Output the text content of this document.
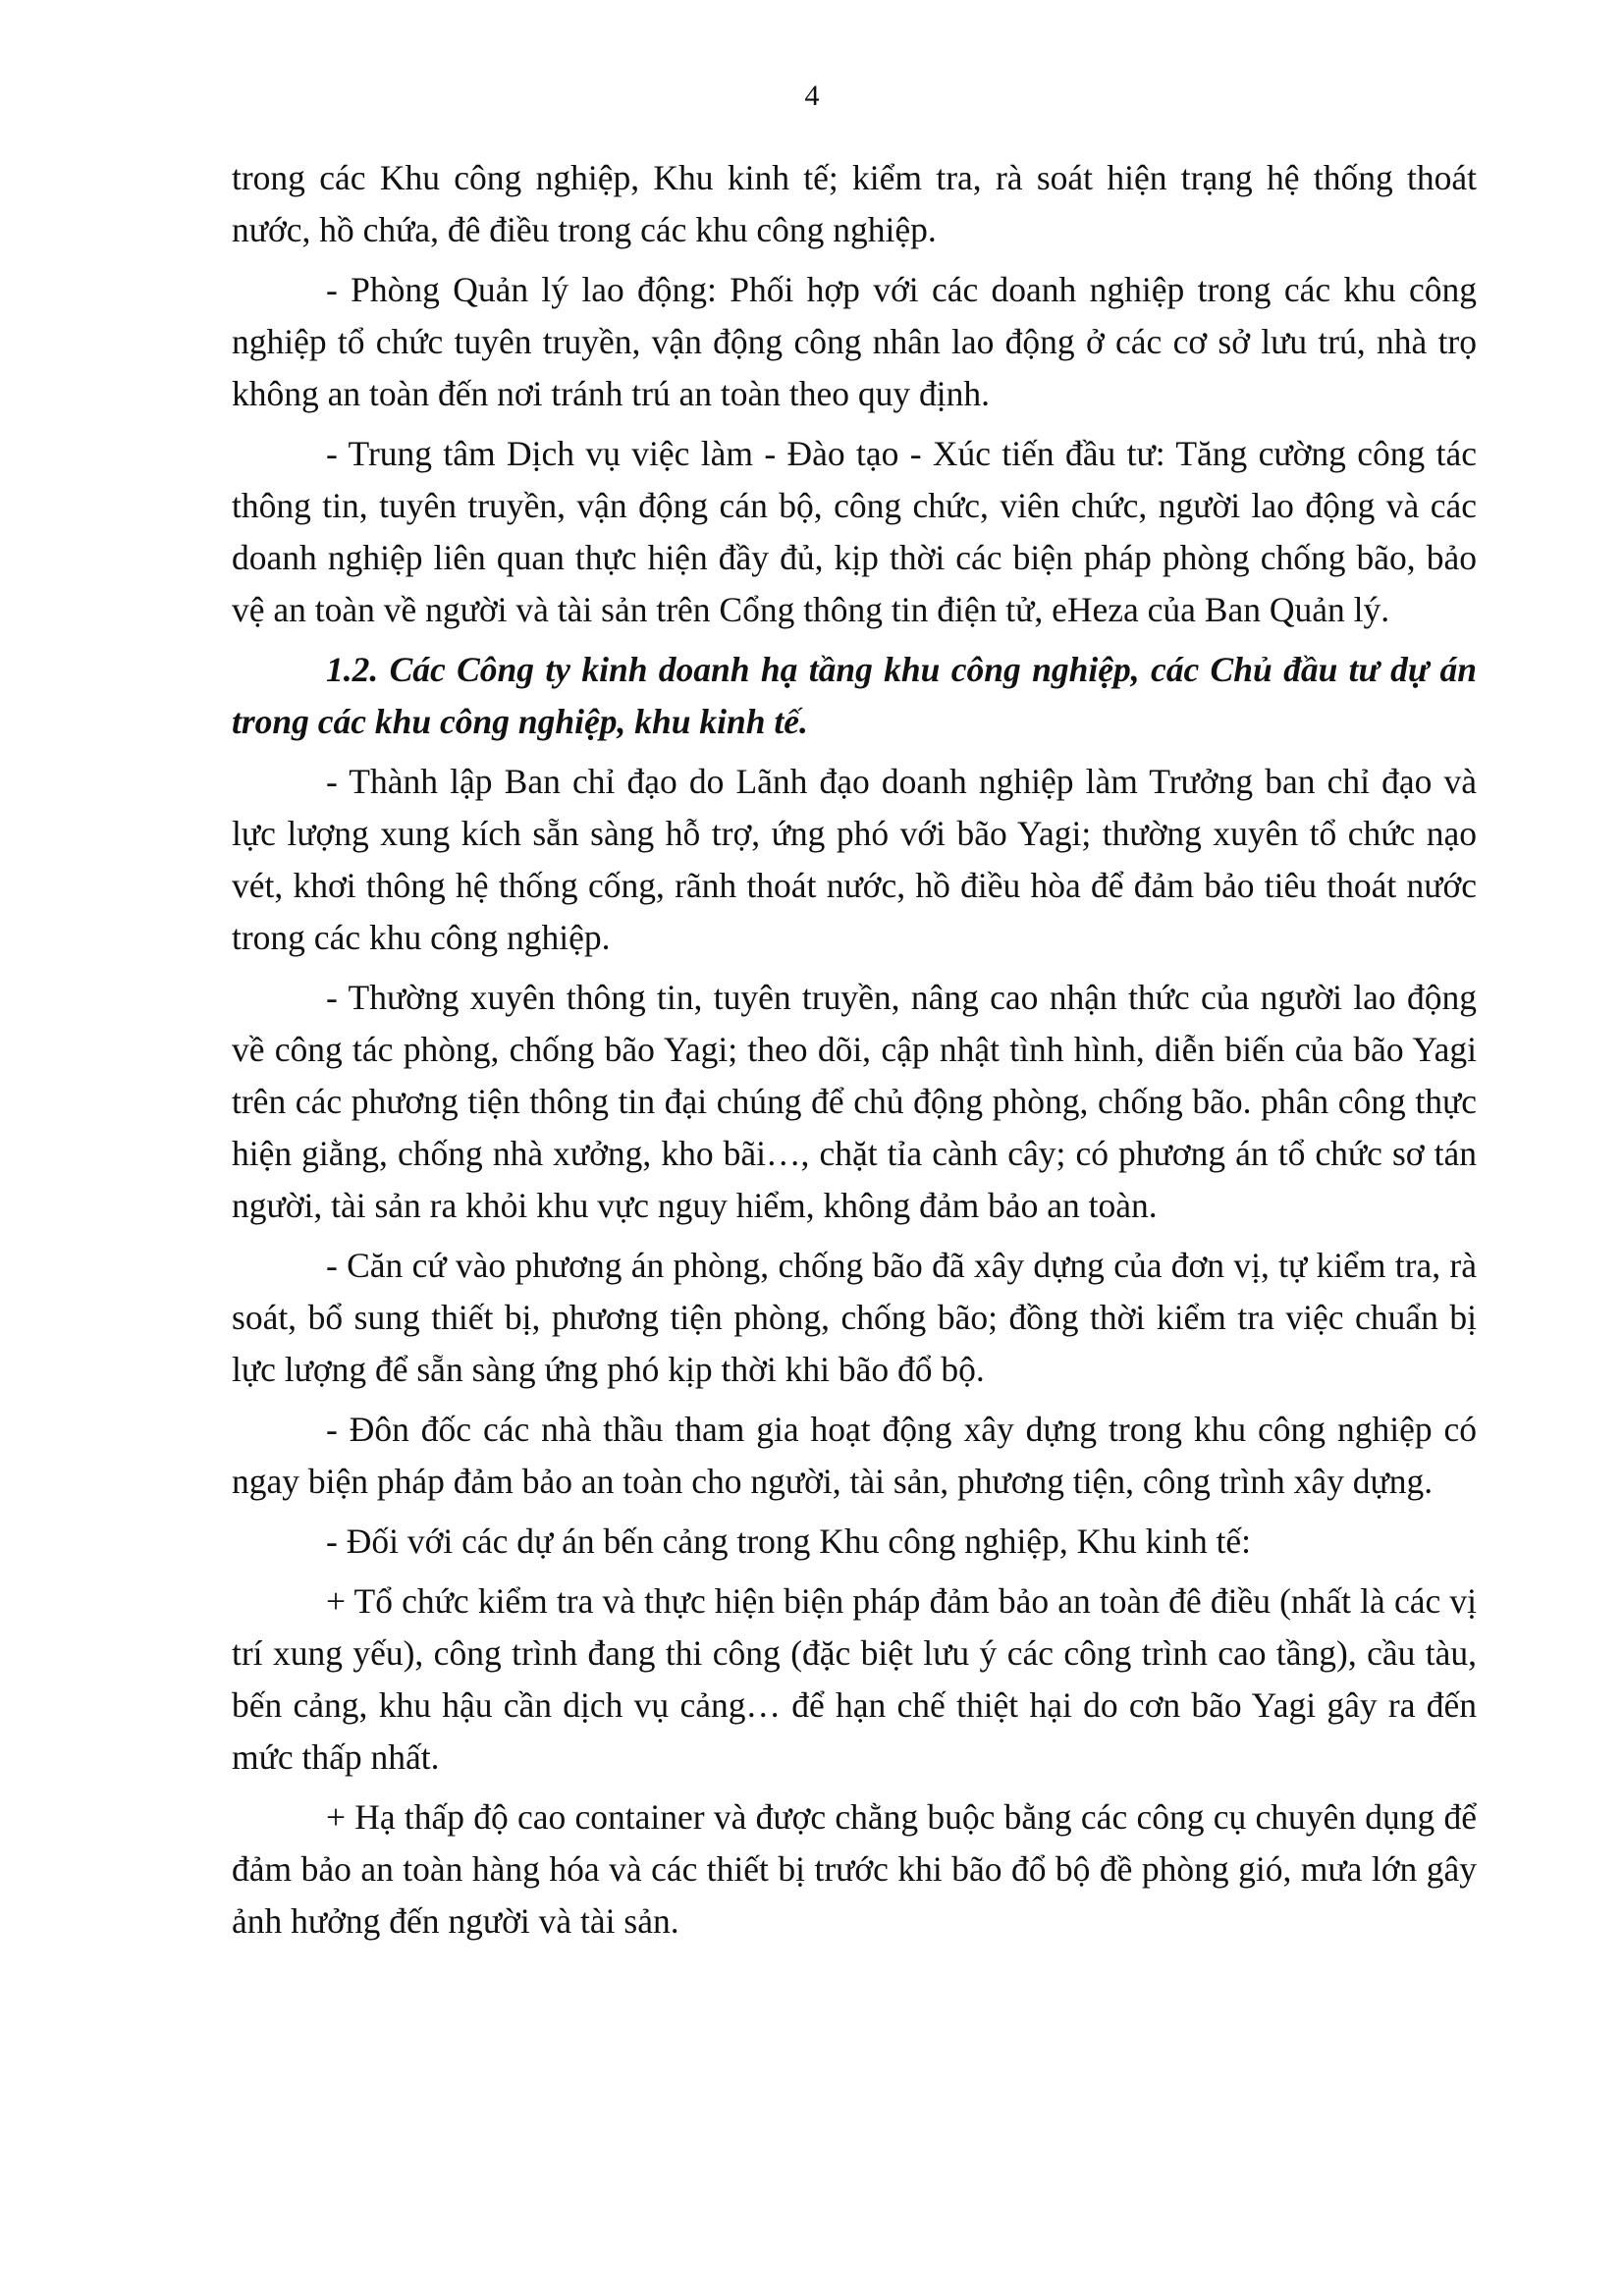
4

trong các Khu công nghiệp, Khu kinh tế; kiểm tra, rà soát hiện trạng hệ thống thoát nước, hồ chứa, đê điều trong các khu công nghiệp.

- Phòng Quản lý lao động: Phối hợp với các doanh nghiệp trong các khu công nghiệp tổ chức tuyên truyền, vận động công nhân lao động ở các cơ sở lưu trú, nhà trọ không an toàn đến nơi tránh trú an toàn theo quy định.

- Trung tâm Dịch vụ việc làm - Đào tạo - Xúc tiến đầu tư: Tăng cường công tác thông tin, tuyên truyền, vận động cán bộ, công chức, viên chức, người lao động và các doanh nghiệp liên quan thực hiện đầy đủ, kịp thời các biện pháp phòng chống bão, bảo vệ an toàn về người và tài sản trên Cổng thông tin điện tử, eHeza của Ban Quản lý.

1.2. Các Công ty kinh doanh hạ tầng khu công nghiệp, các Chủ đầu tư dự án trong các khu công nghiệp, khu kinh tế.

- Thành lập Ban chỉ đạo do Lãnh đạo doanh nghiệp làm Trưởng ban chỉ đạo và lực lượng xung kích sẵn sàng hỗ trợ, ứng phó với bão Yagi; thường xuyên tổ chức nạo vét, khơi thông hệ thống cống, rãnh thoát nước, hồ điều hòa để đảm bảo tiêu thoát nước trong các khu công nghiệp.

- Thường xuyên thông tin, tuyên truyền, nâng cao nhận thức của người lao động về công tác phòng, chống bão Yagi; theo dõi, cập nhật tình hình, diễn biến của bão Yagi trên các phương tiện thông tin đại chúng để chủ động phòng, chống bão. phân công thực hiện giằng, chống nhà xưởng, kho bãi…, chặt tỉa cành cây; có phương án tổ chức sơ tán người, tài sản ra khỏi khu vực nguy hiểm, không đảm bảo an toàn.

- Căn cứ vào phương án phòng, chống bão đã xây dựng của đơn vị, tự kiểm tra, rà soát, bổ sung thiết bị, phương tiện phòng, chống bão; đồng thời kiểm tra việc chuẩn bị lực lượng để sẵn sàng ứng phó kịp thời khi bão đổ bộ.

- Đôn đốc các nhà thầu tham gia hoạt động xây dựng trong khu công nghiệp có ngay biện pháp đảm bảo an toàn cho người, tài sản, phương tiện, công trình xây dựng.

- Đối với các dự án bến cảng trong Khu công nghiệp, Khu kinh tế:

+ Tổ chức kiểm tra và thực hiện biện pháp đảm bảo an toàn đê điều (nhất là các vị trí xung yếu), công trình đang thi công (đặc biệt lưu ý các công trình cao tầng), cầu tàu, bến cảng, khu hậu cần dịch vụ cảng… để hạn chế thiệt hại do cơn bão Yagi gây ra đến mức thấp nhất.

+ Hạ thấp độ cao container và được chằng buộc bằng các công cụ chuyên dụng để đảm bảo an toàn hàng hóa và các thiết bị trước khi bão đổ bộ đề phòng gió, mưa lớn gây ảnh hưởng đến người và tài sản.
